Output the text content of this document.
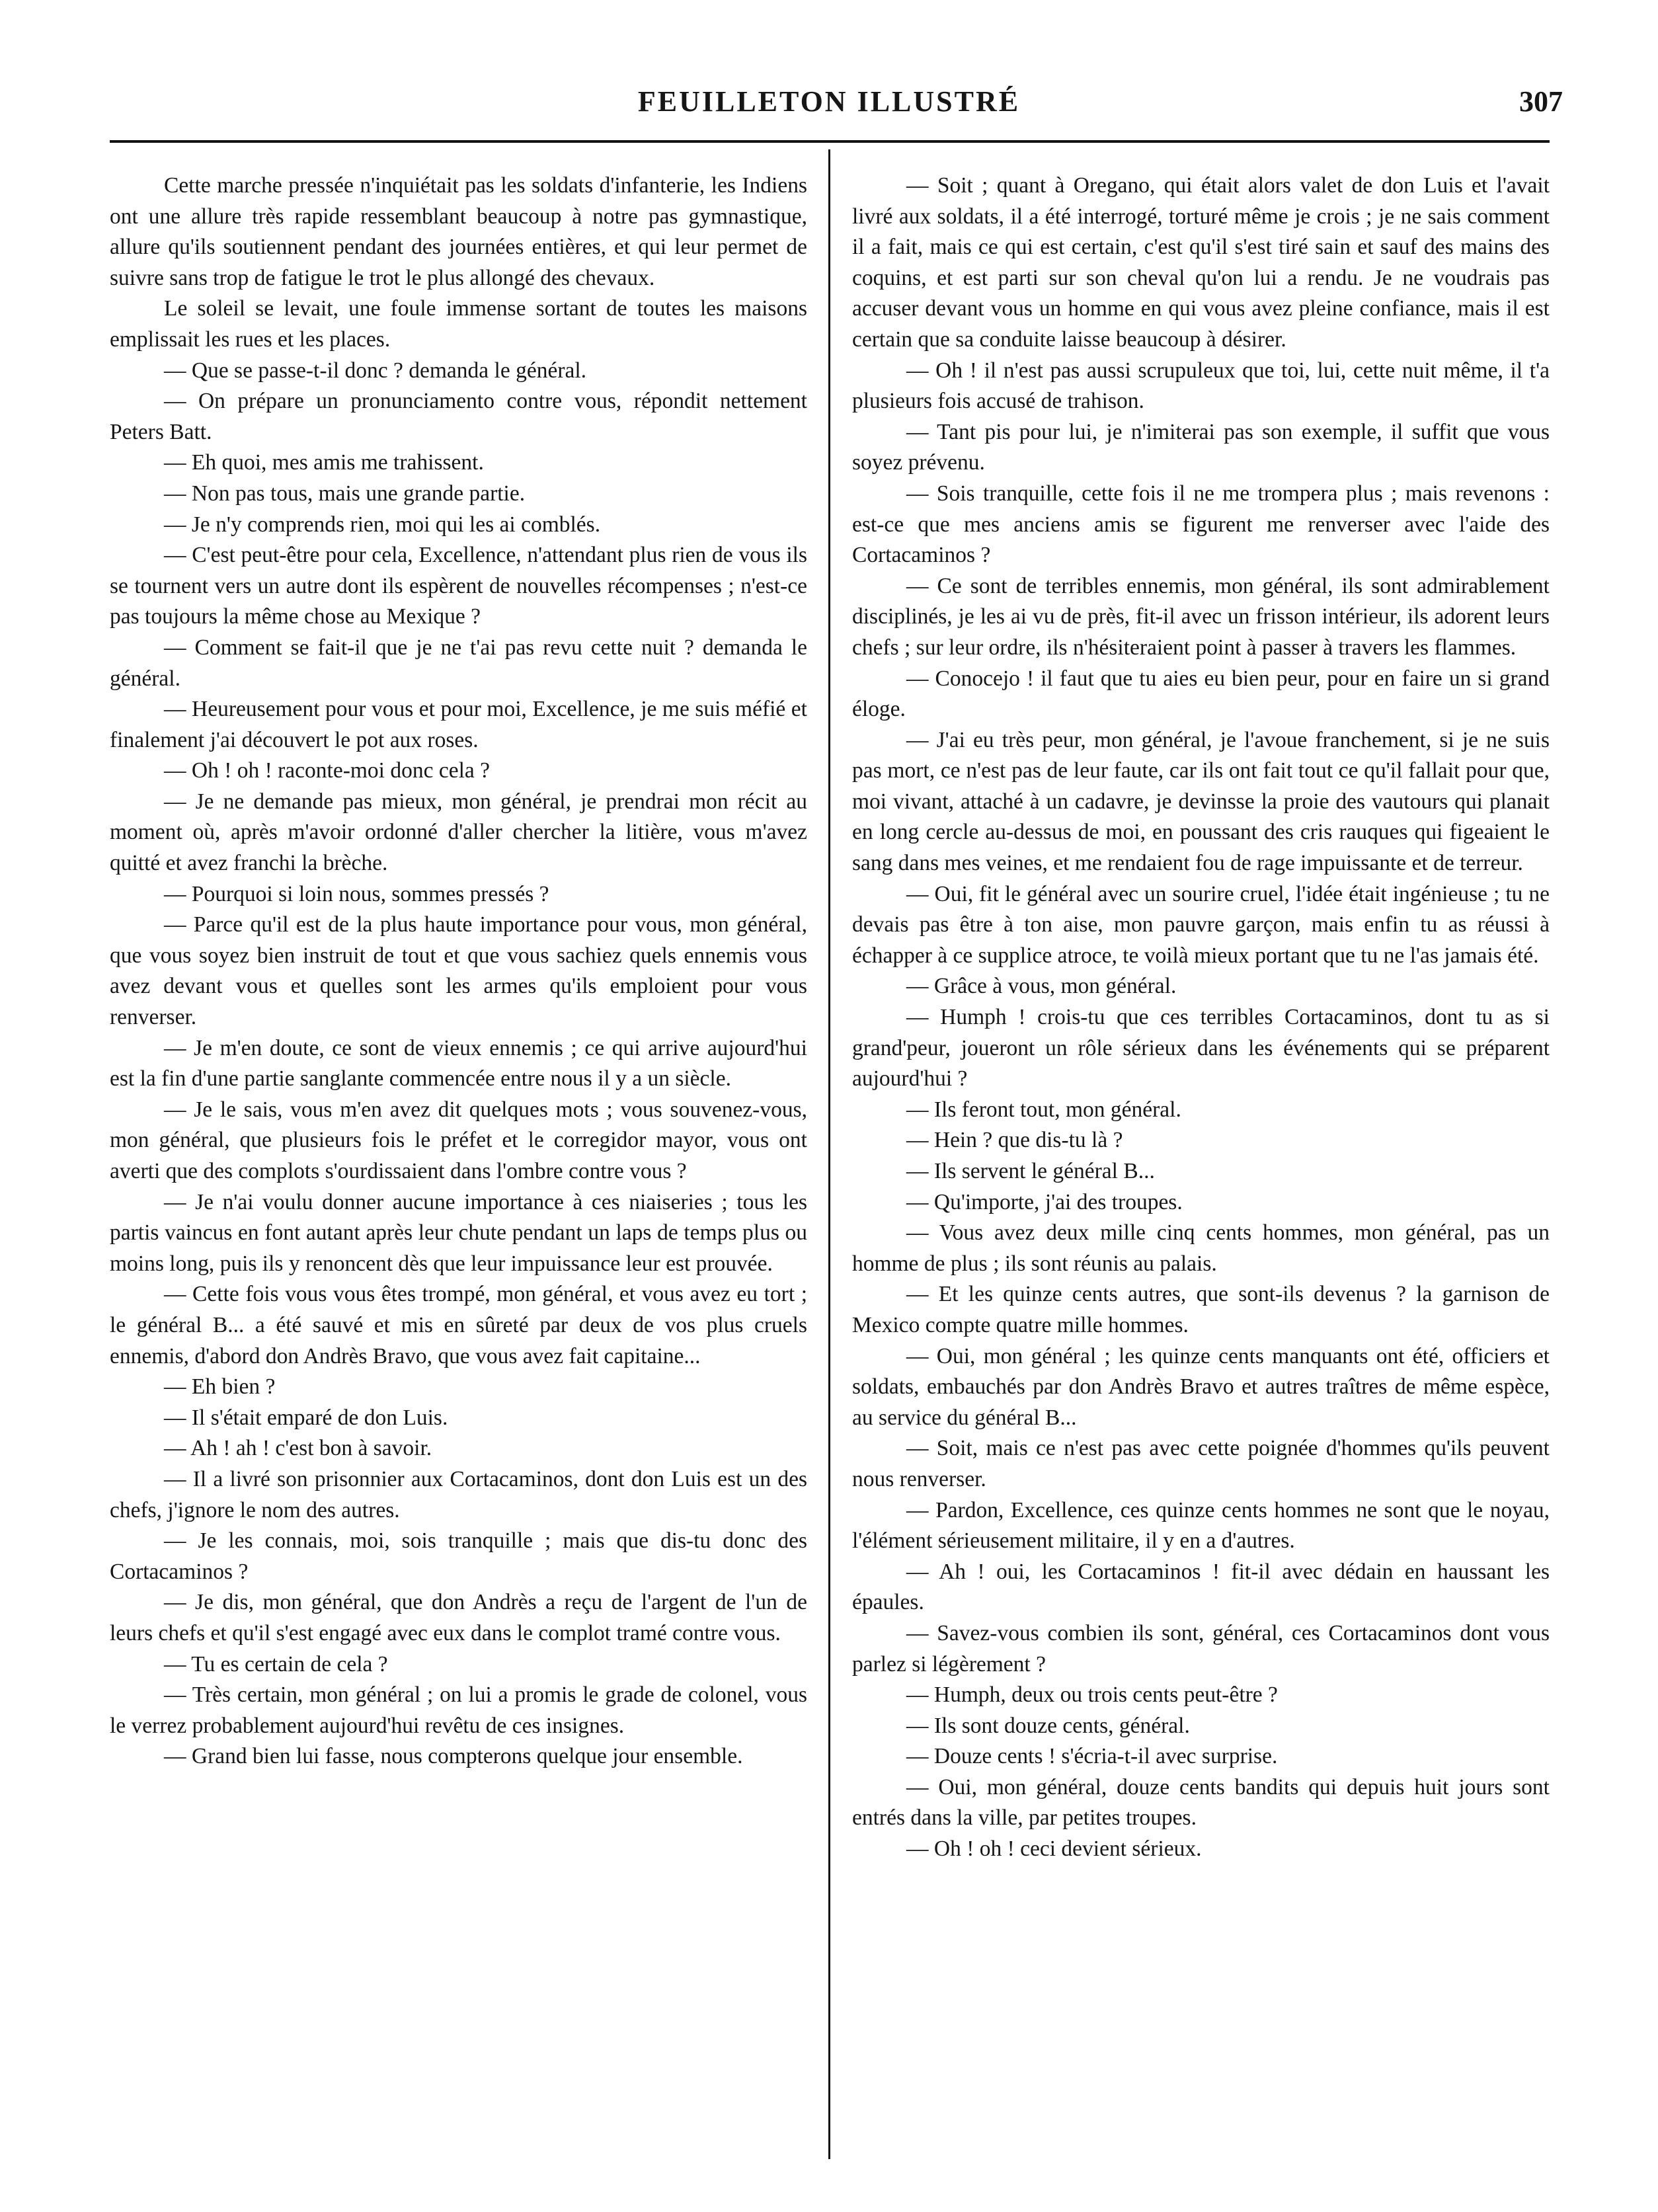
FEUILLETON ILLUSTRÉ	307

Cette marche pressée n'inquiétait pas les soldats d'infanterie, les Indiens ont une allure très rapide ressemblant beaucoup à notre pas gymnastique, allure qu'ils soutiennent pendant des journées entières, et qui leur permet de suivre sans trop de fatigue le trot le plus allongé des chevaux.

Le soleil se levait, une foule immense sortant de toutes les maisons emplissait les rues et les places.

— Que se passe-t-il donc ? demanda le général.

— On prépare un pronunciamento contre vous, répondit nettement Peters Batt.

— Eh quoi, mes amis me trahissent.

— Non pas tous, mais une grande partie.

— Je n'y comprends rien, moi qui les ai comblés.

— C'est peut-être pour cela, Excellence, n'attendant plus rien de vous ils se tournent vers un autre dont ils espèrent de nouvelles récompenses ; n'est-ce pas toujours la même chose au Mexique ?

— Comment se fait-il que je ne t'ai pas revu cette nuit ? demanda le général.

— Heureusement pour vous et pour moi, Excellence, je me suis méfié et finalement j'ai découvert le pot aux roses.

— Oh ! oh ! raconte-moi donc cela ?

— Je ne demande pas mieux, mon général, je prendrai mon récit au moment où, après m'avoir ordonné d'aller chercher la litière, vous m'avez quitté et avez franchi la brèche.

— Pourquoi si loin nous, sommes pressés ?

— Parce qu'il est de la plus haute importance pour vous, mon général, que vous soyez bien instruit de tout et que vous sachiez quels ennemis vous avez devant vous et quelles sont les armes qu'ils emploient pour vous renverser.

— Je m'en doute, ce sont de vieux ennemis ; ce qui arrive aujourd'hui est la fin d'une partie sanglante commencée entre nous il y a un siècle.

— Je le sais, vous m'en avez dit quelques mots ; vous souvenez-vous, mon général, que plusieurs fois le préfet et le corregidor mayor, vous ont averti que des complots s'ourdissaient dans l'ombre contre vous ?

— Je n'ai voulu donner aucune importance à ces niaiseries ; tous les partis vaincus en font autant après leur chute pendant un laps de temps plus ou moins long, puis ils y renoncent dès que leur impuissance leur est prouvée.

— Cette fois vous vous êtes trompé, mon général, et vous avez eu tort ; le général B... a été sauvé et mis en sûreté par deux de vos plus cruels ennemis, d'abord don Andrès Bravo, que vous avez fait capitaine...

— Eh bien ?

— Il s'était emparé de don Luis.

— Ah ! ah ! c'est bon à savoir.

— Il a livré son prisonnier aux Cortacaminos, dont don Luis est un des chefs, j'ignore le nom des autres.

— Je les connais, moi, sois tranquille ; mais que dis-tu donc des Cortacaminos ?

— Je dis, mon général, que don Andrès a reçu de l'argent de l'un de leurs chefs et qu'il s'est engagé avec eux dans le complot tramé contre vous.

— Tu es certain de cela ?

— Très certain, mon général ; on lui a promis le grade de colonel, vous le verrez probablement aujourd'hui revêtu de ces insignes.

— Grand bien lui fasse, nous compterons quelque jour ensemble.

— Soit ; quant à Oregano, qui était alors valet de don Luis et l'avait livré aux soldats, il a été interrogé, torturé même je crois ; je ne sais comment il a fait, mais ce qui est certain, c'est qu'il s'est tiré sain et sauf des mains des coquins, et est parti sur son cheval qu'on lui a rendu. Je ne voudrais pas accuser devant vous un homme en qui vous avez pleine confiance, mais il est certain que sa conduite laisse beaucoup à désirer.

— Oh ! il n'est pas aussi scrupuleux que toi, lui, cette nuit même, il t'a plusieurs fois accusé de trahison.

— Tant pis pour lui, je n'imiterai pas son exemple, il suffit que vous soyez prévenu.

— Sois tranquille, cette fois il ne me trompera plus ; mais revenons : est-ce que mes anciens amis se figurent me renverser avec l'aide des Cortacaminos ?

— Ce sont de terribles ennemis, mon général, ils sont admirablement disciplinés, je les ai vu de près, fit-il avec un frisson intérieur, ils adorent leurs chefs ; sur leur ordre, ils n'hésiteraient point à passer à travers les flammes.

— Conocejo ! il faut que tu aies eu bien peur, pour en faire un si grand éloge.

— J'ai eu très peur, mon général, je l'avoue franchement, si je ne suis pas mort, ce n'est pas de leur faute, car ils ont fait tout ce qu'il fallait pour que, moi vivant, attaché à un cadavre, je devinsse la proie des vautours qui planait en long cercle au-dessus de moi, en poussant des cris rauques qui figeaient le sang dans mes veines, et me rendaient fou de rage impuissante et de terreur.

— Oui, fit le général avec un sourire cruel, l'idée était ingénieuse ; tu ne devais pas être à ton aise, mon pauvre garçon, mais enfin tu as réussi à échapper à ce supplice atroce, te voilà mieux portant que tu ne l'as jamais été.

— Grâce à vous, mon général.

— Humph ! crois-tu que ces terribles Cortacaminos, dont tu as si grand'peur, joueront un rôle sérieux dans les événements qui se préparent aujourd'hui ?

— Ils feront tout, mon général.

— Hein ? que dis-tu là ?

— Ils servent le général B...

— Qu'importe, j'ai des troupes.

— Vous avez deux mille cinq cents hommes, mon général, pas un homme de plus ; ils sont réunis au palais.

— Et les quinze cents autres, que sont-ils devenus ? la garnison de Mexico compte quatre mille hommes.

— Oui, mon général ; les quinze cents manquants ont été, officiers et soldats, embauchés par don Andrès Bravo et autres traîtres de même espèce, au service du général B...

— Soit, mais ce n'est pas avec cette poignée d'hommes qu'ils peuvent nous renverser.

— Pardon, Excellence, ces quinze cents hommes ne sont que le noyau, l'élément sérieusement militaire, il y en a d'autres.

— Ah ! oui, les Cortacaminos ! fit-il avec dédain en haussant les épaules.

— Savez-vous combien ils sont, général, ces Cortacaminos dont vous parlez si légèrement ?

— Humph, deux ou trois cents peut-être ?

— Ils sont douze cents, général.

— Douze cents ! s'écria-t-il avec surprise.

— Oui, mon général, douze cents bandits qui depuis huit jours sont entrés dans la ville, par petites troupes.

— Oh ! oh ! ceci devient sérieux.
